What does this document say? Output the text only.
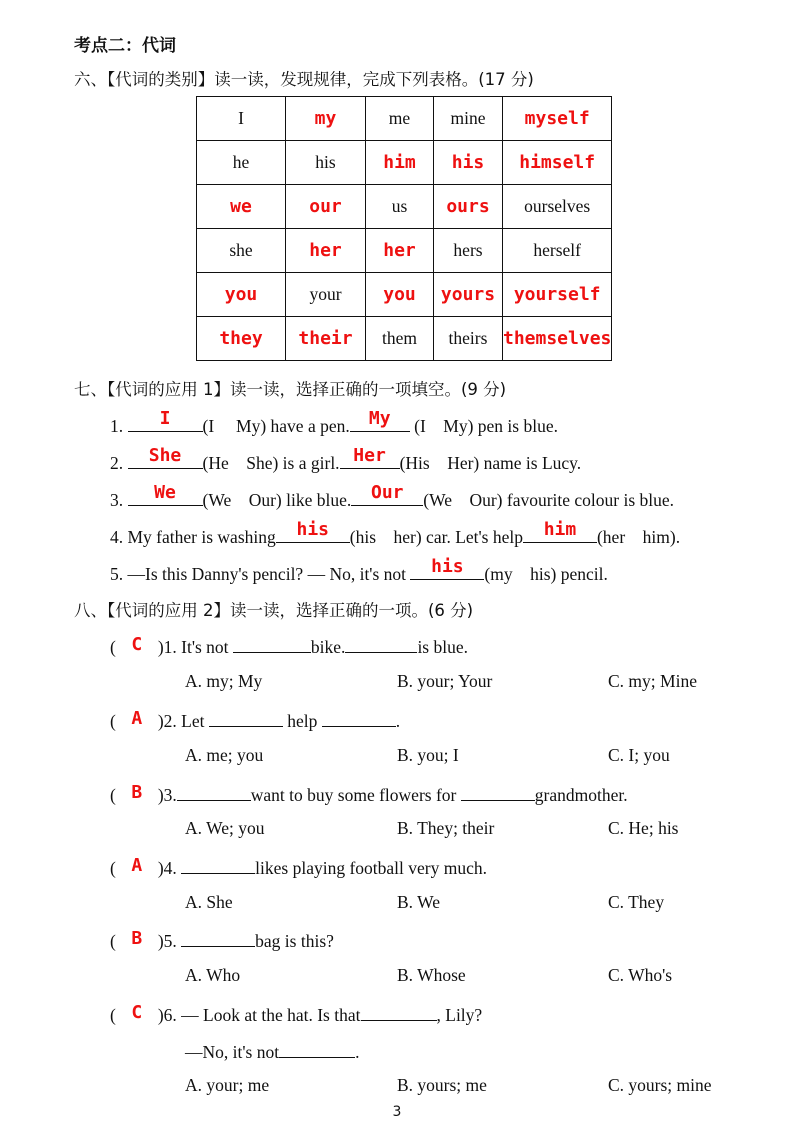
考点二：代词
六、【代词的类别】读一读，发现规律，完成下列表格。(17 分)
I	my	me	mine	myself
he	his	him	his	himself
we	our	us	ours	ourselves
she	her	her	hers	herself
you	your	you	yours	yourself
they	their	them	theirs	themselves
七、【代词的应用 1】读一读，选择正确的一项填空。(9 分)
1.	I	(I　 My) have a pen.	My	(I　My) pen is blue.
2.	She	(He　She) is a girl. Her (His　Her) name is Lucy.
3.	We	(We　Our) like blue.	Our	(We　Our) favourite colour is blue.
4. My father is washing	his	(his　her) car. Let's help	him	(her　him).
5. —Is this Danny's pencil? — No, it's not	his	(my　his) pencil.
八、【代词的应用 2】读一读，选择正确的一项。(6 分)
( C )1. It's not	bike.	is blue.
A. my; My	B. your; Your	C. my; Mine
( A )2. Let	help	.
A. me; you	B. you; I	C. I; you
( B )3.	want to buy some flowers for	grandmother.
A. We; you	B. They; their	C. He; his
( A )4.	likes playing football very much.
A. She	B. We	C. They
( B )5.	bag is this?
A. Who	B. Whose	C. Who's
( C )6. — Look at the hat. Is that	, Lily?
—No, it's not	.
A. your; me	B. yours; me	C. yours; mine
3
